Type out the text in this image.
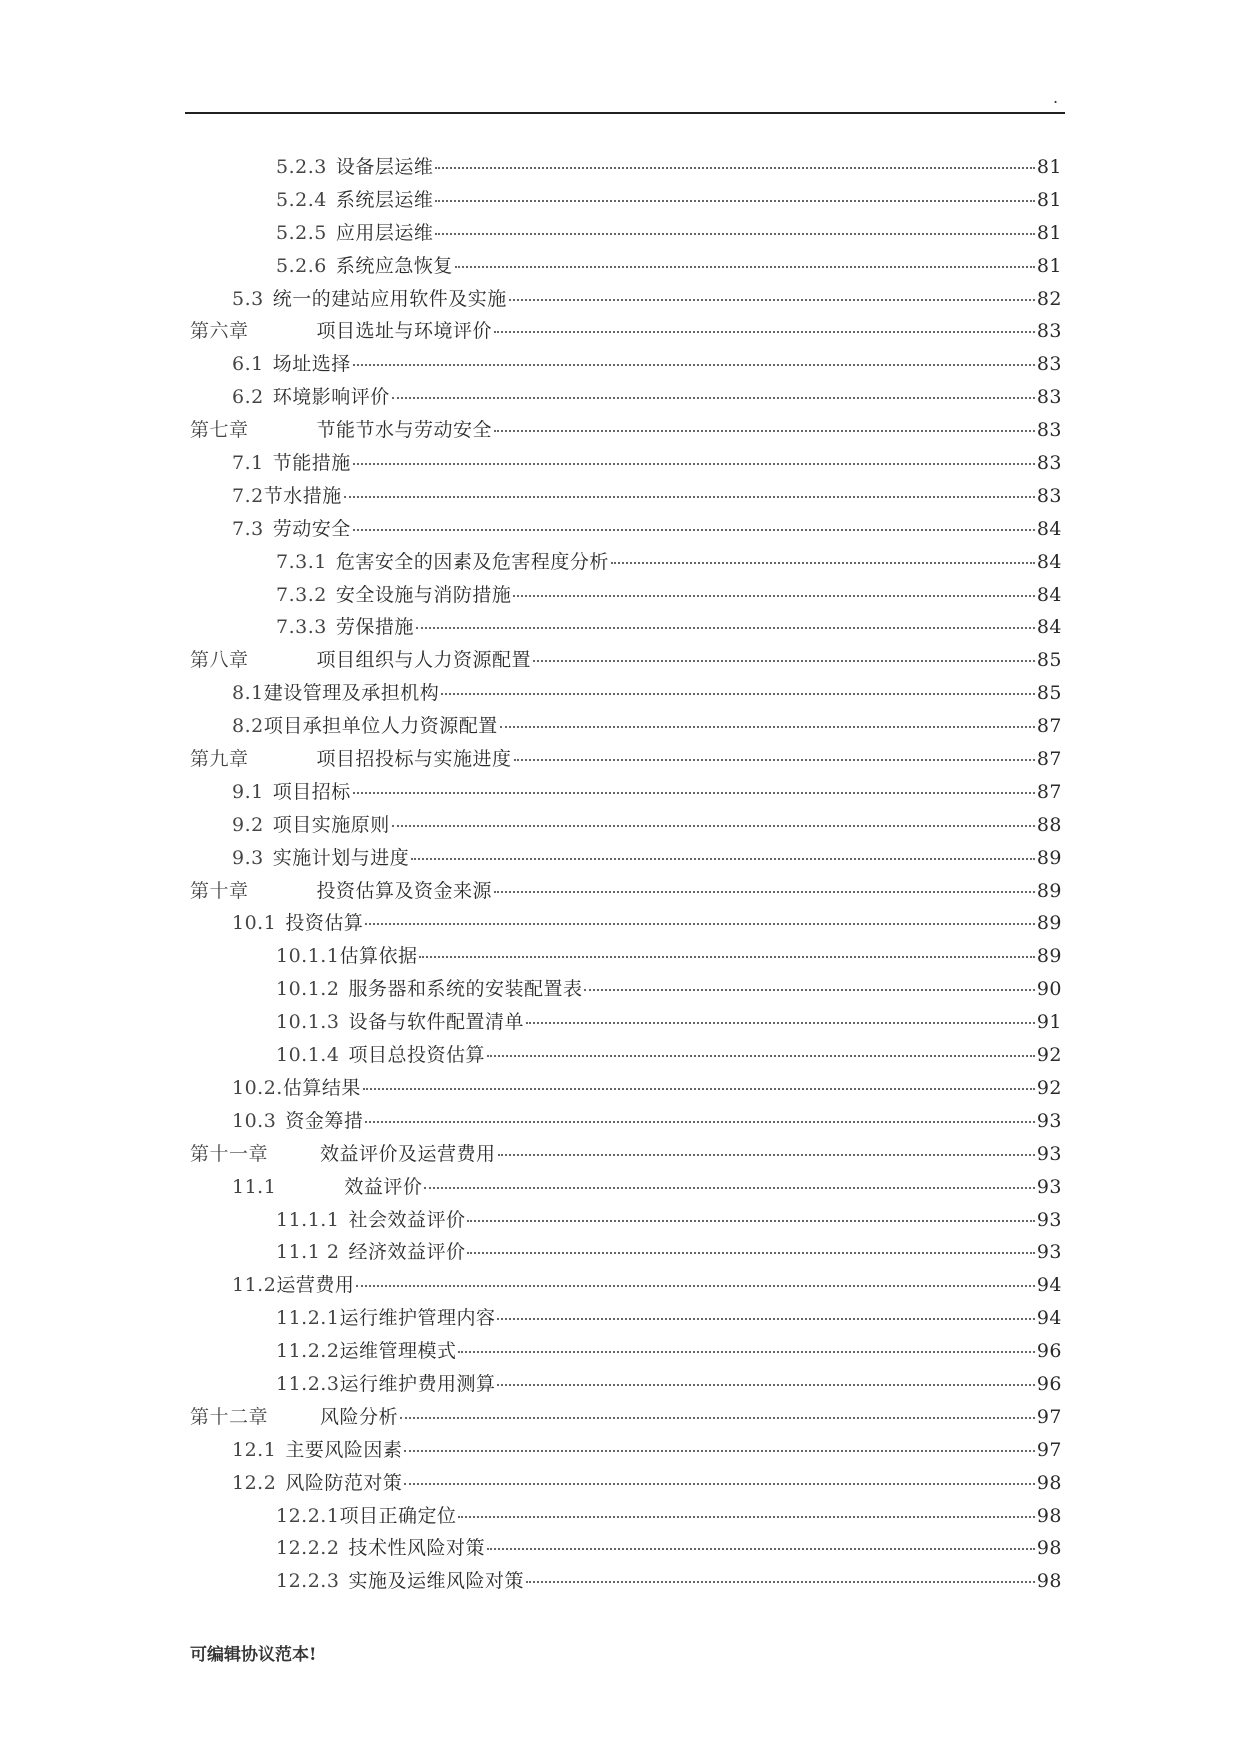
.
5.2.3 设备层运维	81
5.2.4 系统层运维	81
5.2.5 应用层运维	81
5.2.6 系统应急恢复	81
5.3 统一的建站应用软件及实施	82
第六章	项目选址与环境评价	83
6.1 场址选择	83
6.2 环境影响评价	83
第七章	节能节水与劳动安全	83
7.1 节能措施	83
7.2 节水措施	83
7.3 劳动安全	84
7.3.1 危害安全的因素及危害程度分析	84
7.3.2 安全设施与消防措施	84
7.3.3 劳保措施	84
第八章	项目组织与人力资源配置	85
8.1 建设管理及承担机构	85
8.2 项目承担单位人力资源配置	87
第九章	项目招投标与实施进度	87
9.1 项目招标	87
9.2 项目实施原则	88
9.3 实施计划与进度	89
第十章	投资估算及资金来源	89
10.1 投资估算	89
10.1.1 估算依据	89
10.1.2 服务器和系统的安装配置表	90
10.1.3 设备与软件配置清单	91
10.1.4 项目总投资估算	92
10.2. 估算结果	92
10.3 资金筹措	93
第十一章	效益评价及运营费用	93
11.1	效益评价	93
11.1.1 社会效益评价	93
11.1 2 经济效益评价	93
11.2 运营费用	94
11.2.1 运行维护管理内容	94
11.2.2 运维管理模式	96
11.2.3 运行维护费用测算	96
第十二章	风险分析	97
12.1 主要风险因素	97
12.2 风险防范对策	98
12.2.1 项目正确定位	98
12.2.2 技术性风险对策	98
12.2.3 实施及运维风险对策	98
可编辑协议范本!
